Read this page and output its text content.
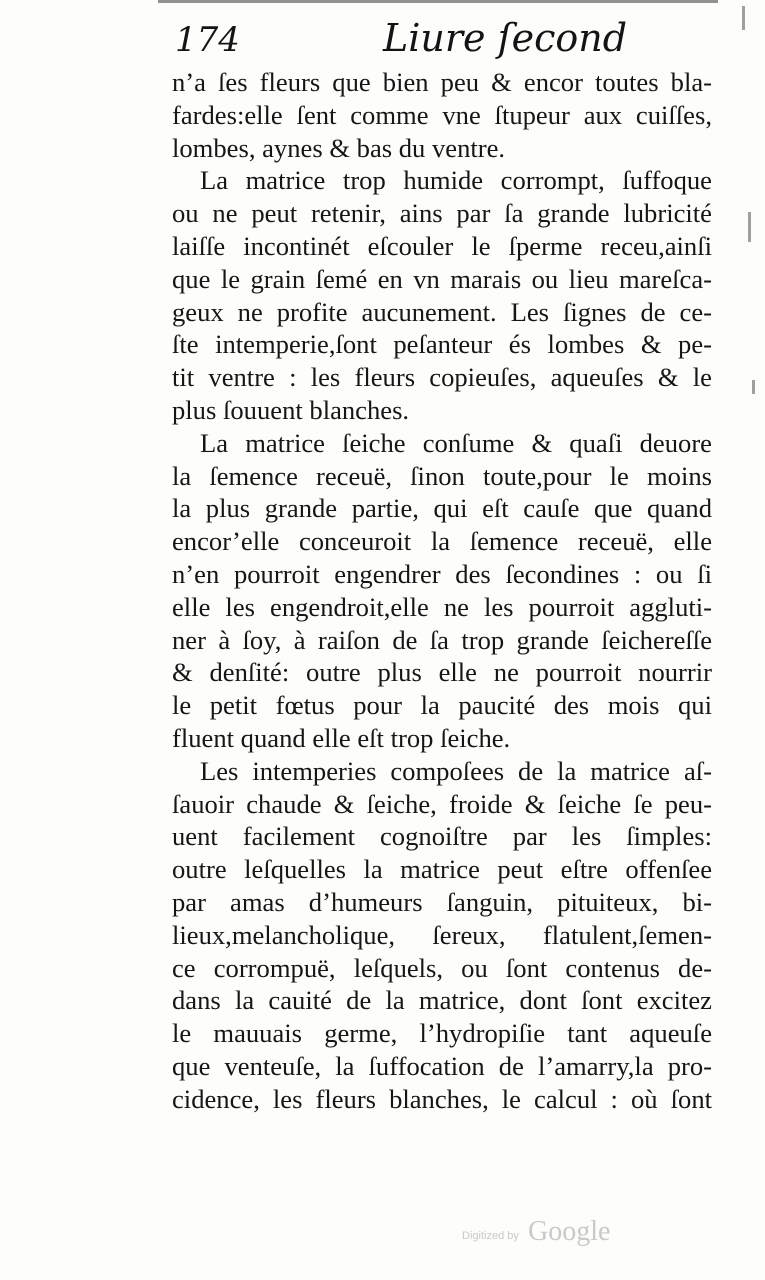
174	Liure ſecond
n’a ſes fleurs que bien peu & encor toutes bla-
fardes:elle ſent comme vne ſtupeur aux cuiſſes,
lombes, aynes & bas du ventre.
La matrice trop humide corrompt, ſuffoque
ou ne peut retenir, ains par ſa grande lubricité
laiſſe incontinét eſcouler le ſperme receu,ainſi
que le grain ſemé en vn marais ou lieu mareſca-
geux ne profite aucunement. Les ſignes de ce-
ſte intemperie,ſont peſanteur és lombes & pe-
tit ventre : les fleurs copieuſes, aqueuſes & le
plus ſouuent blanches.
La matrice ſeiche conſume & quaſi deuore
la ſemence receuë, ſinon toute,pour le moins
la plus grande partie, qui eſt cauſe que quand
encor’elle conceuroit la ſemence receuë, elle
n’en pourroit engendrer des ſecondines : ou ſi
elle les engendroit,elle ne les pourroit aggluti-
ner à ſoy, à raiſon de ſa trop grande ſeichereſſe
& denſité: outre plus elle ne pourroit nourrir
le petit fœtus pour la paucité des mois qui
fluent quand elle eſt trop ſeiche.
Les intemperies compoſees de la matrice aſ-
ſauoir chaude & ſeiche, froide & ſeiche ſe peu-
uent facilement cognoiſtre par les ſimples:
outre leſquelles la matrice peut eſtre offenſee
par amas d’humeurs ſanguin, pituiteux, bi-
lieux,melancholique, ſereux, flatulent,ſemen-
ce corrompuë, leſquels, ou ſont contenus de-
dans la cauité de la matrice, dont ſont excitez
le mauuais germe, l’hydropiſie tant aqueuſe
que venteuſe, la ſuffocation de l’amarry,la pro-
cidence, les fleurs blanches, le calcul : où ſont
Digitized by Google
